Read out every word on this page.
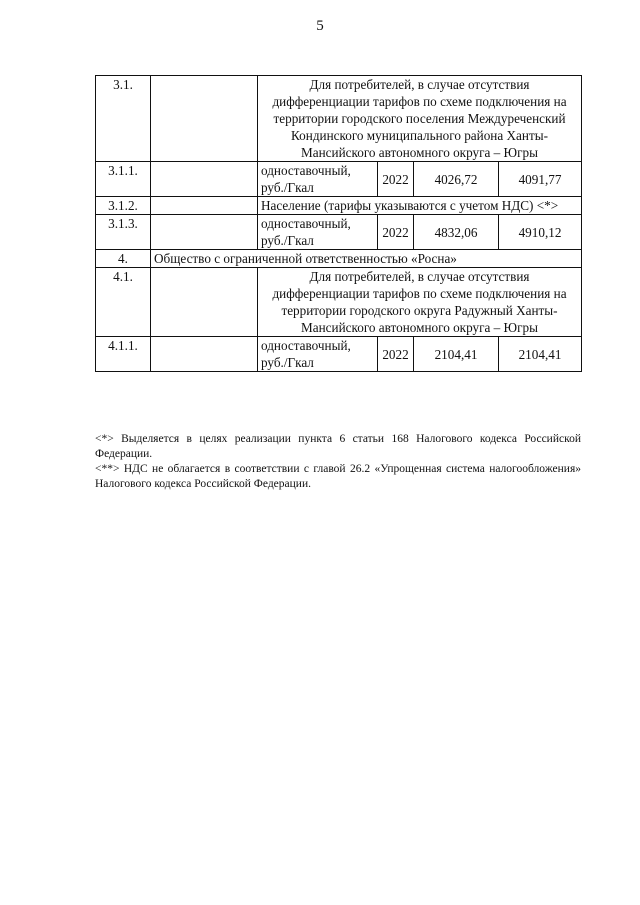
5
3.1.		Для потребителей, в случае отсутствия дифференциации тарифов по схеме подключения на территории городского поселения Междуреченский Кондинского муниципального района Ханты-Мансийского автономного округа – Югры			
3.1.1.		одноставочный, руб./Гкал	2022	4026,72	4091,77
3.1.2.		Население (тарифы указываются с учетом НДС) <*>			
3.1.3.		одноставочный, руб./Гкал	2022	4832,06	4910,12
4.	Общество с ограниченной ответственностью «Росна»				
4.1.		Для потребителей, в случае отсутствия дифференциации тарифов по схеме подключения на территории городского округа Радужный Ханты-Мансийского автономного округа – Югры			
4.1.1.		одноставочный, руб./Гкал	2022	2104,41	2104,41

<*> Выделяется в целях реализации пункта 6 статьи 168 Налогового кодекса Российской Федерации.

<**> НДС не облагается в соответствии с главой 26.2 «Упрощенная система налогообложения» Налогового кодекса Российской Федерации.
